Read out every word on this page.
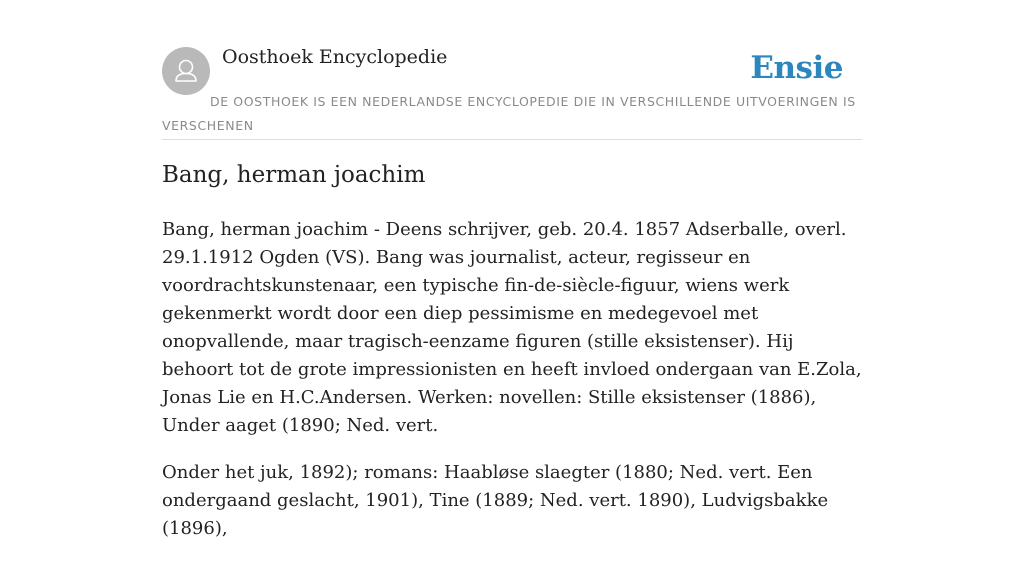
Oosthoek Encyclopedie	Ensie
DE OOSTHOEK IS EEN NEDERLANDSE ENCYCLOPEDIE DIE IN VERSCHILLENDE UITVOERINGEN IS VERSCHENEN
Bang, herman joachim

Bang, herman joachim - Deens schrijver, geb. 20.4. 1857 Adserballe, overl. 29.1.1912 Ogden (VS). Bang was journalist, acteur, regisseur en voordrachtskunstenaar, een typische fin-de-siècle-figuur, wiens werk gekenmerkt wordt door een diep pessimisme en medegevoel met onopvallende, maar tragisch-eenzame figuren (stille eksistenser). Hij behoort tot de grote impressionisten en heeft invloed ondergaan van E.Zola, Jonas Lie en H.C.Andersen. Werken: novellen: Stille eksistenser (1886), Under aaget (1890; Ned. vert.

Onder het juk, 1892); romans: Haabløse slaegter (1880; Ned. vert. Een ondergaand geslacht, 1901), Tine (1889; Ned. vert. 1890), Ludvigsbakke (1896),
